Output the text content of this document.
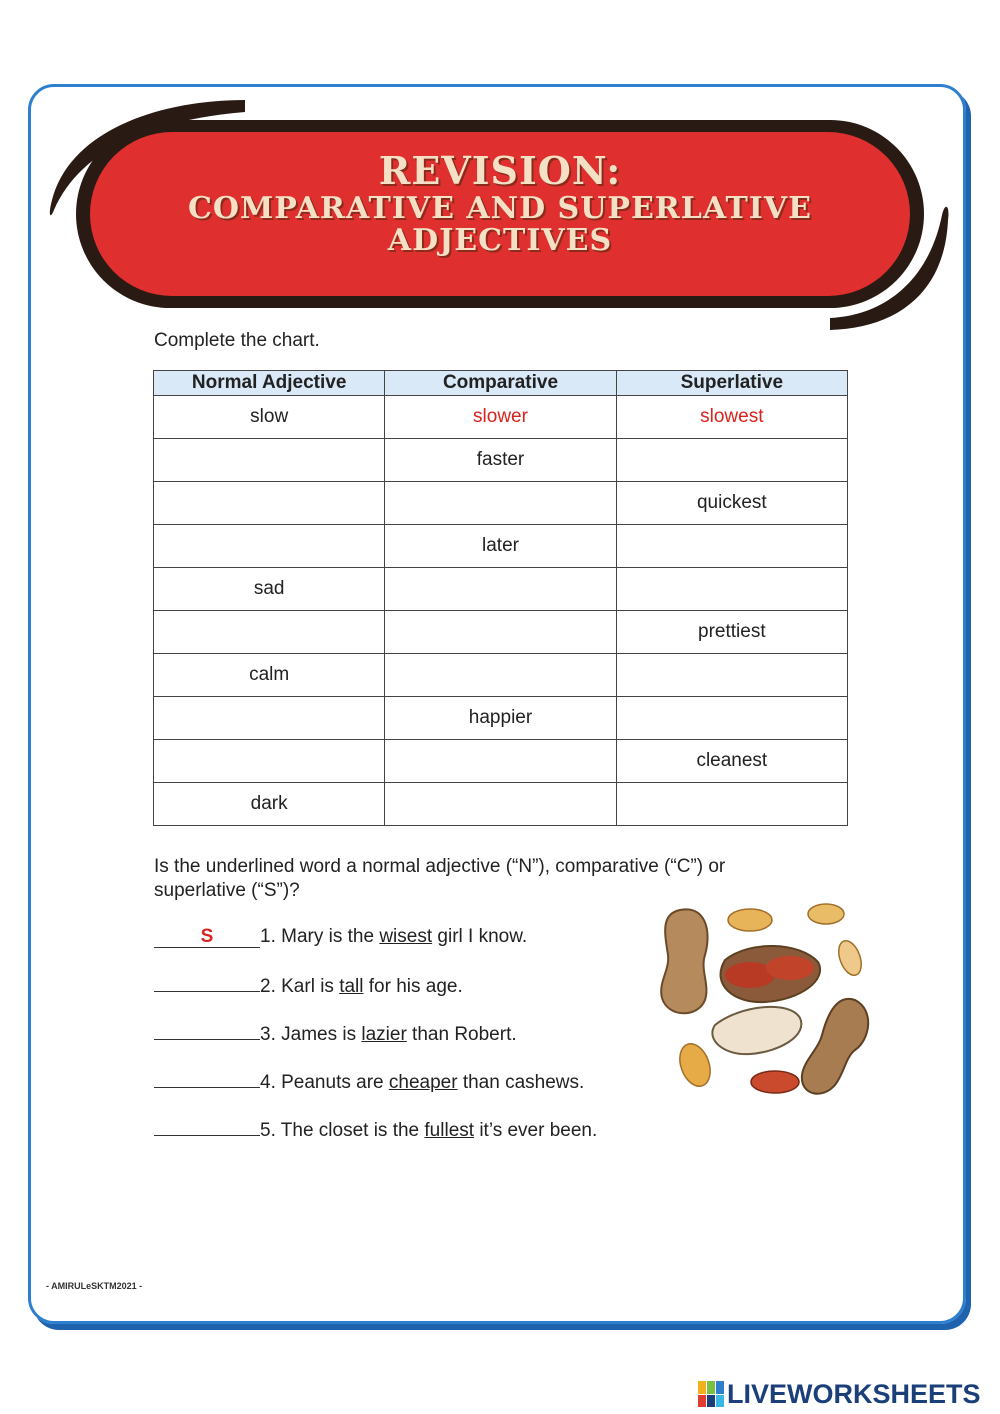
REVISION:
COMPARATIVE AND SUPERLATIVE
ADJECTIVES
Complete the chart.
Normal Adjective	Comparative	Superlative
slow	slower	slowest
	faster	
		quickest
	later	
sad		
		prettiest
calm		
	happier	
		cleanest
dark		
Is the underlined word a normal adjective (“N”), comparative (“C”) or superlative (“S”)?
S 1. Mary is the wisest girl I know.
2. Karl is tall for his age.
3. James is lazier than Robert.
4. Peanuts are cheaper than cashews.
5. The closet is the fullest it’s ever been.
- AMIRULeSKTM2021 -
LIVEWORKSHEETS
